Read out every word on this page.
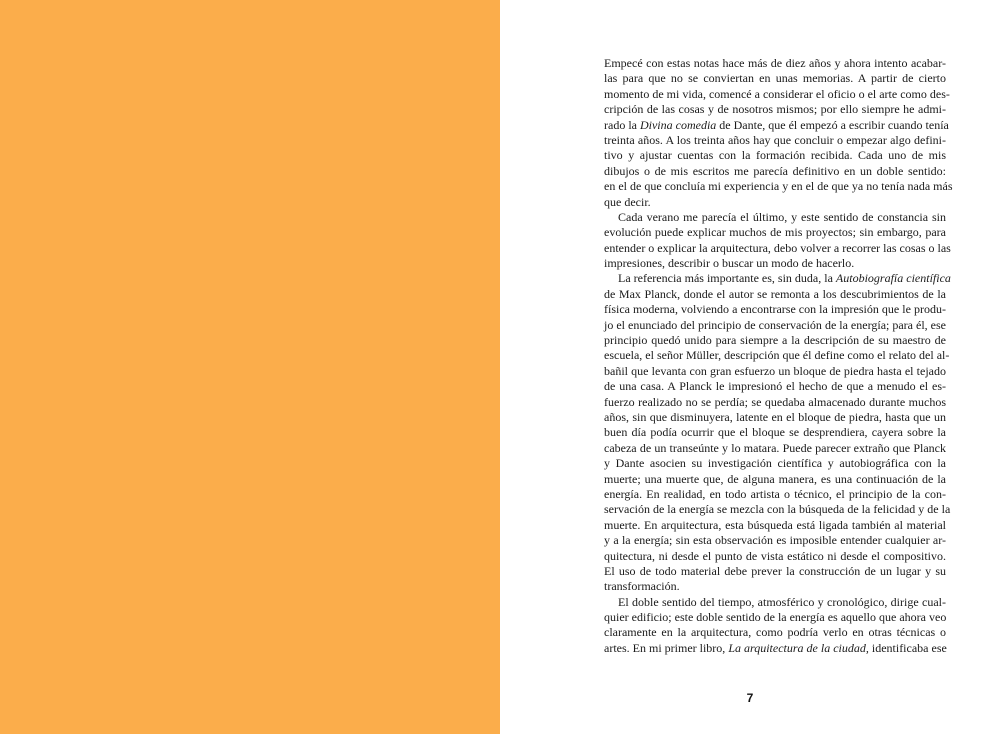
Empecé con estas notas hace más de diez años y ahora intento acabar-
las para que no se conviertan en unas memorias. A partir de cierto
momento de mi vida, comencé a considerar el oficio o el arte como des-
cripción de las cosas y de nosotros mismos; por ello siempre he admi-
rado la Divina comedia de Dante, que él empezó a escribir cuando tenía
treinta años. A los treinta años hay que concluir o empezar algo defini-
tivo y ajustar cuentas con la formación recibida. Cada uno de mis
dibujos o de mis escritos me parecía definitivo en un doble sentido:
en el de que concluía mi experiencia y en el de que ya no tenía nada más
que decir.
Cada verano me parecía el último, y este sentido de constancia sin
evolución puede explicar muchos de mis proyectos; sin embargo, para
entender o explicar la arquitectura, debo volver a recorrer las cosas o las
impresiones, describir o buscar un modo de hacerlo.
La referencia más importante es, sin duda, la Autobiografía científica
de Max Planck, donde el autor se remonta a los descubrimientos de la
física moderna, volviendo a encontrarse con la impresión que le produ-
jo el enunciado del principio de conservación de la energía; para él, ese
principio quedó unido para siempre a la descripción de su maestro de
escuela, el señor Müller, descripción que él define como el relato del al-
bañil que levanta con gran esfuerzo un bloque de piedra hasta el tejado
de una casa. A Planck le impresionó el hecho de que a menudo el es-
fuerzo realizado no se perdía; se quedaba almacenado durante muchos
años, sin que disminuyera, latente en el bloque de piedra, hasta que un
buen día podía ocurrir que el bloque se desprendiera, cayera sobre la
cabeza de un transeúnte y lo matara. Puede parecer extraño que Planck
y Dante asocien su investigación científica y autobiográfica con la
muerte; una muerte que, de alguna manera, es una continuación de la
energía. En realidad, en todo artista o técnico, el principio de la con-
servación de la energía se mezcla con la búsqueda de la felicidad y de la
muerte. En arquitectura, esta búsqueda está ligada también al material
y a la energía; sin esta observación es imposible entender cualquier ar-
quitectura, ni desde el punto de vista estático ni desde el compositivo.
El uso de todo material debe prever la construcción de un lugar y su
transformación.
El doble sentido del tiempo, atmosférico y cronológico, dirige cual-
quier edificio; este doble sentido de la energía es aquello que ahora veo
claramente en la arquitectura, como podría verlo en otras técnicas o
artes. En mi primer libro, La arquitectura de la ciudad, identificaba ese
7
